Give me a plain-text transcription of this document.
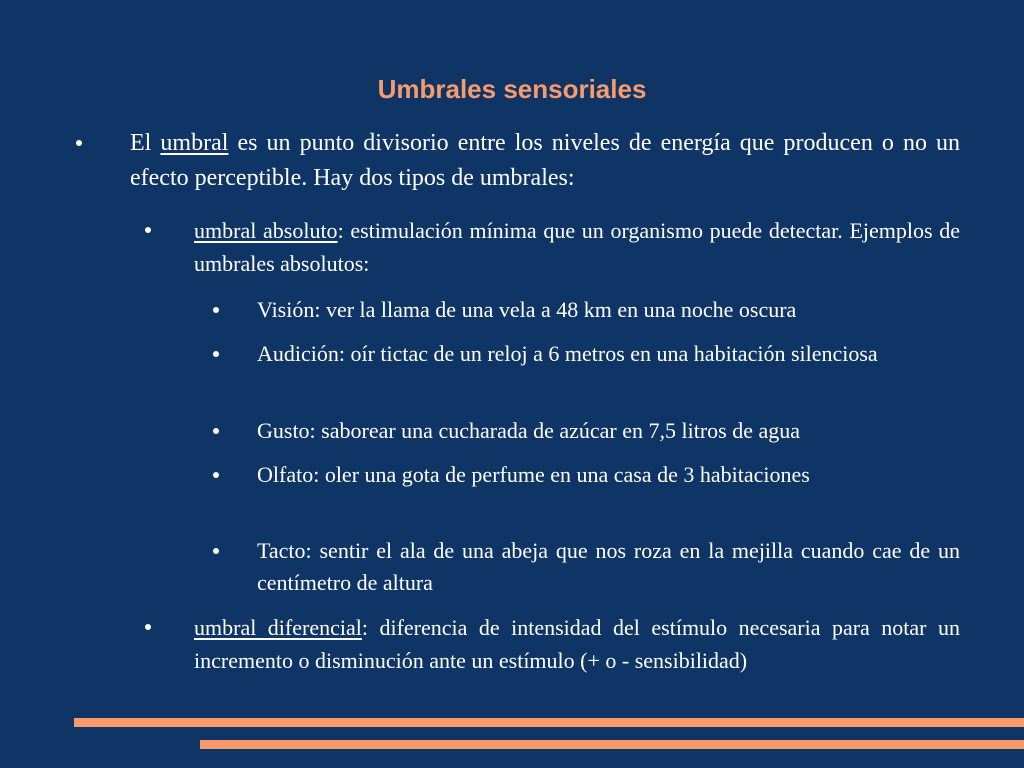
Umbrales sensoriales
El umbral es un punto divisorio entre los niveles de energía que producen o no un efecto perceptible. Hay dos tipos de umbrales:
umbral absoluto: estimulación mínima que un organismo puede detectar. Ejemplos de umbrales absolutos:
Visión: ver la llama de una vela a 48 km en una noche oscura
Audición: oír tictac de un reloj a 6 metros en una habitación silenciosa
Gusto: saborear una cucharada de azúcar en 7,5 litros de agua
Olfato: oler una gota de perfume en una casa de 3 habitaciones
Tacto: sentir el ala de una abeja que nos roza en la mejilla cuando cae de un centímetro de altura
umbral diferencial: diferencia de intensidad del estímulo necesaria para notar un incremento o disminución ante un estímulo (+ o - sensibilidad)
